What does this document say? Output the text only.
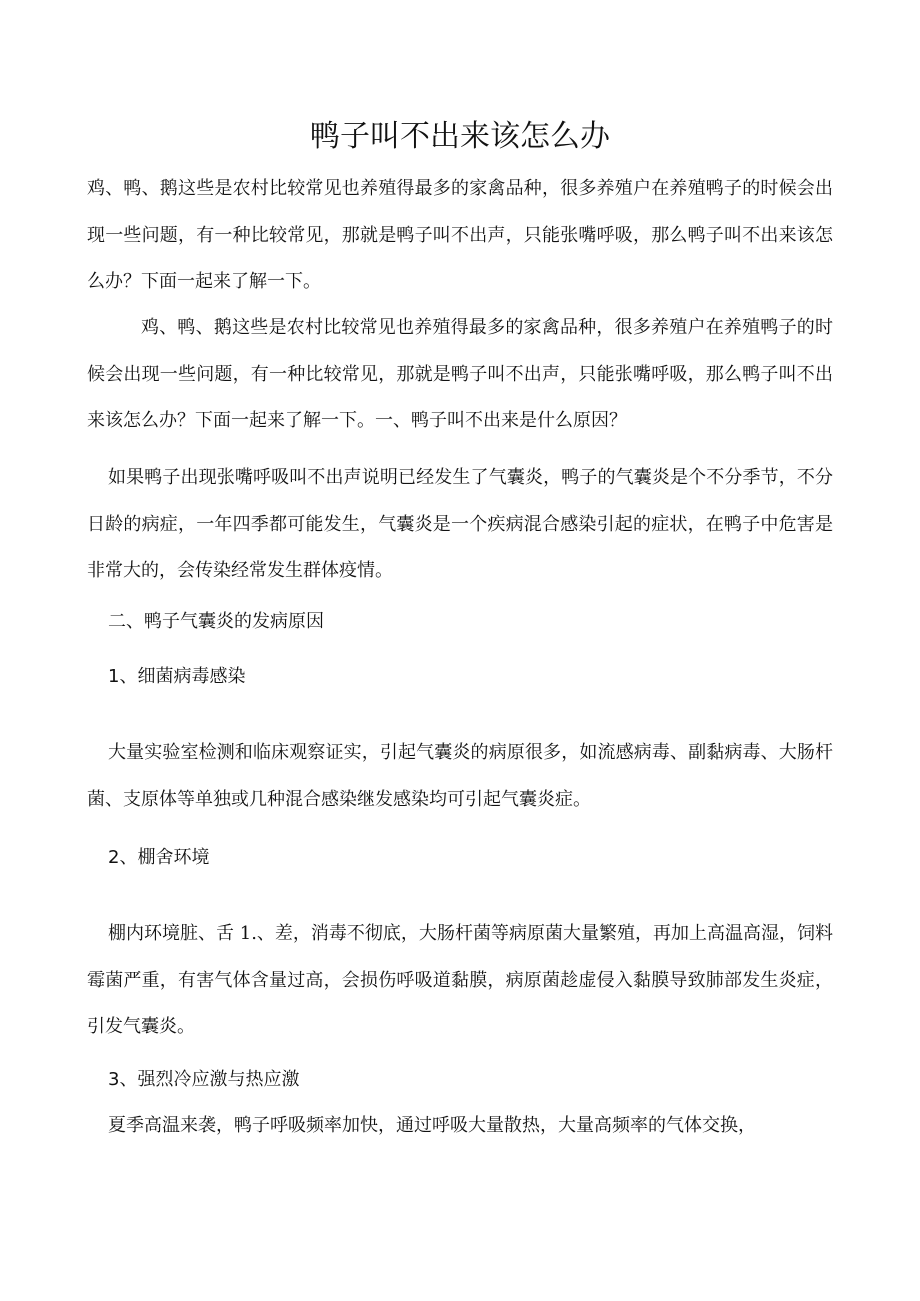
鸭子叫不出来该怎么办

鸡、鸭、鹅这些是农村比较常见也养殖得最多的家禽品种，很多养殖户在养殖鸭子的时候会出现一些问题，有一种比较常见，那就是鸭子叫不出声，只能张嘴呼吸，那么鸭子叫不出来该怎么办？下面一起来了解一下。

鸡、鸭、鹅这些是农村比较常见也养殖得最多的家禽品种，很多养殖户在养殖鸭子的时候会出现一些问题，有一种比较常见，那就是鸭子叫不出声，只能张嘴呼吸，那么鸭子叫不出来该怎么办？下面一起来了解一下。一、鸭子叫不出来是什么原因？

如果鸭子出现张嘴呼吸叫不出声说明已经发生了气囊炎，鸭子的气囊炎是个不分季节，不分日龄的病症，一年四季都可能发生，气囊炎是一个疾病混合感染引起的症状，在鸭子中危害是非常大的，会传染经常发生群体疫情。

二、鸭子气囊炎的发病原因

1、细菌病毒感染

大量实验室检测和临床观察证实，引起气囊炎的病原很多，如流感病毒、副黏病毒、大肠杆菌、支原体等单独或几种混合感染继发感染均可引起气囊炎症。

2、棚舍环境

棚内环境脏、舌 1.、差，消毒不彻底，大肠杆菌等病原菌大量繁殖，再加上高温高湿，饲料霉菌严重，有害气体含量过高，会损伤呼吸道黏膜，病原菌趁虚侵入黏膜导致肺部发生炎症，引发气囊炎。

3、强烈冷应激与热应激

夏季高温来袭，鸭子呼吸频率加快，通过呼吸大量散热，大量高频率的气体交换，
